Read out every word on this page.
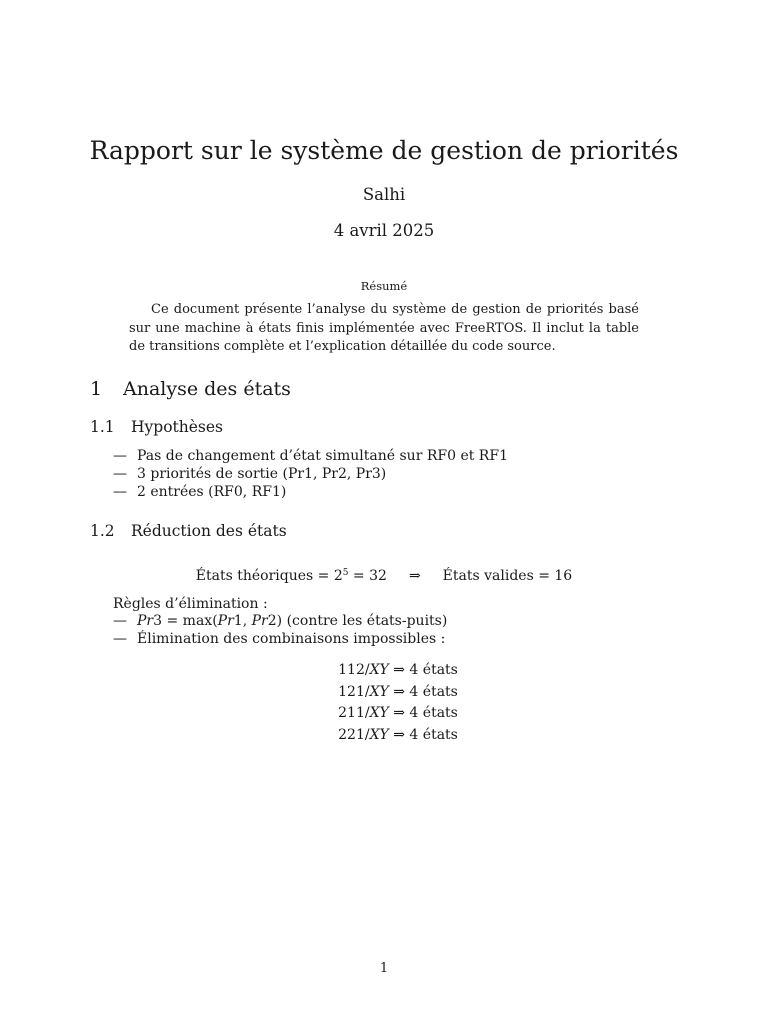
Rapport sur le système de gestion de priorités
Salhi
4 avril 2025
Résumé
Ce document présente l’analyse du système de gestion de priorités basé sur une machine à états finis implémentée avec FreeRTOS. Il inclut la table de transitions complète et l’explication détaillée du code source.
1 Analyse des états
1.1 Hypothèses
— Pas de changement d’état simultané sur RF0 et RF1
— 3 priorités de sortie (Pr1, Pr2, Pr3)
— 2 entrées (RF0, RF1)
1.2 Réduction des états
États théoriques = $2^5 = 32$ ⇒ États valides = 16
Règles d’élimination :
— Pr3 = max(Pr1, Pr2) (contre les états-puits)
— Élimination des combinaisons impossibles :
112/XY ⇒ 4 états
121/XY ⇒ 4 états
211/XY ⇒ 4 états
221/XY ⇒ 4 états
1
